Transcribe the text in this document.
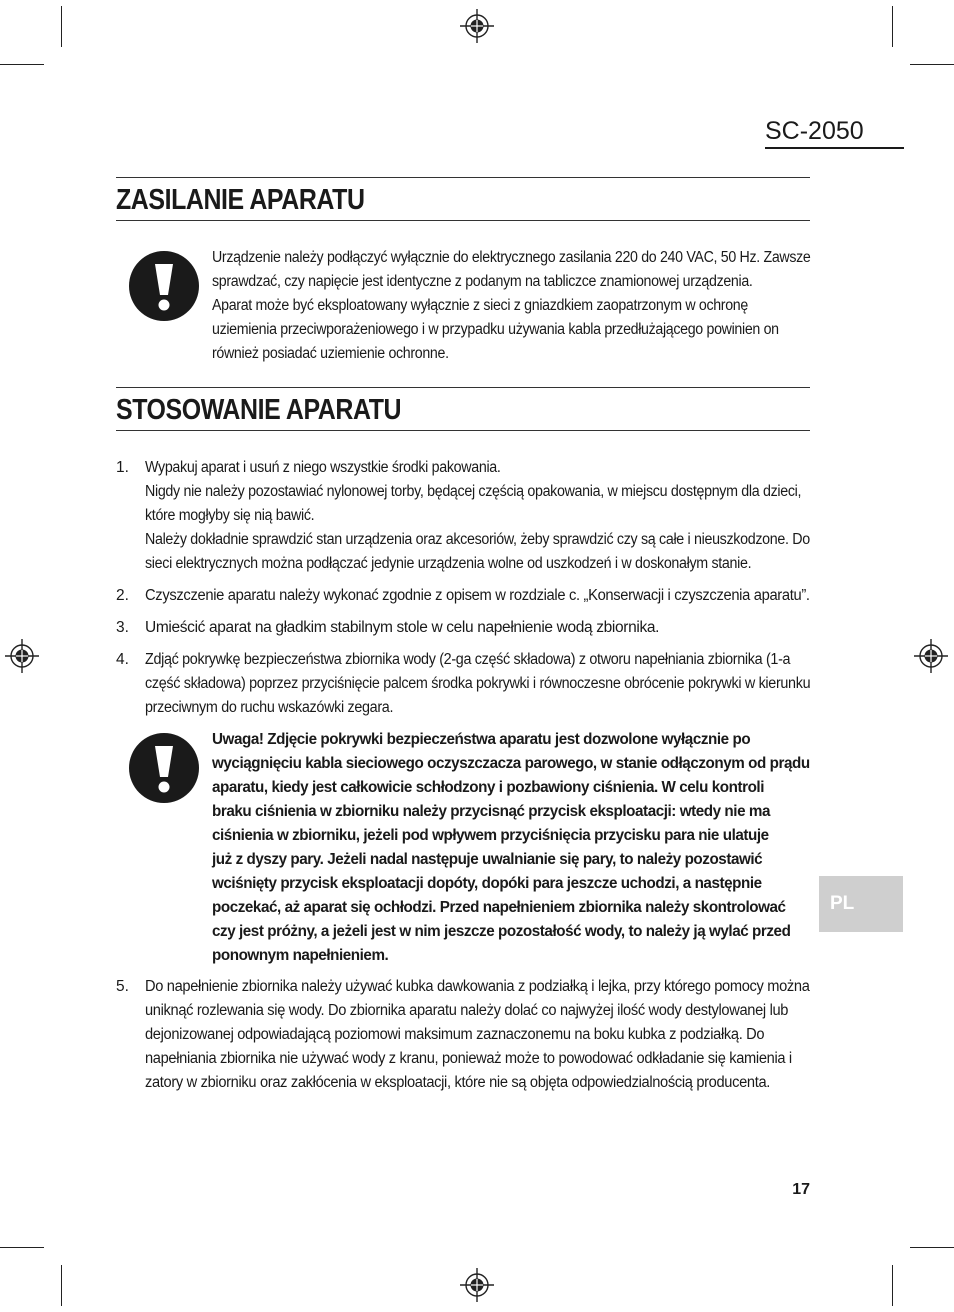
SC-2050
ZASILANIE APARATU
Urządzenie należy podłączyć wyłącznie do elektrycznego zasilania 220 do 240 VAC, 50 Hz. Zawsze
sprawdzać, czy napięcie jest identyczne z podanym na tabliczce znamionowej urządzenia.
Aparat może być eksploatowany wyłącznie z sieci z gniazdkiem zaopatrzonym w ochronę
uziemienia przeciwporażeniowego i w przypadku używania kabla przedłużającego powinien on
również posiadać uziemienie ochronne.
STOSOWANIE APARATU
1. Wypakuj aparat i usuń z niego wszystkie środki pakowania.
Nigdy nie należy pozostawiać nylonowej torby, będącej częścią opakowania, w miejscu dostępnym dla dzieci,
które mogłyby się nią bawić.
Należy dokładnie sprawdzić stan urządzenia oraz akcesoriów, żeby sprawdzić czy są całe i nieuszkodzone. Do
sieci elektrycznych można podłączać jedynie urządzenia wolne od uszkodzeń i w doskonałym stanie.
2. Czyszczenie aparatu należy wykonać zgodnie z opisem w rozdziale c. „Konserwacji i czyszczenia aparatu”.
3. Umieścić aparat na gładkim stabilnym stole w celu napełnienie wodą zbiornika.
4. Zdjąć pokrywkę bezpieczeństwa zbiornika wody (2-ga część składowa) z otworu napełniania zbiornika (1-a
część składowa) poprzez przyciśnięcie palcem środka pokrywki i równoczesne obrócenie pokrywki w kierunku
przeciwnym do ruchu wskazówki zegara.
Uwaga! Zdjęcie pokrywki bezpieczeństwa aparatu jest dozwolone wyłącznie po
wyciągnięciu kabla sieciowego oczyszczacza parowego, w stanie odłączonym od prądu
aparatu, kiedy jest całkowicie schłodzony i pozbawiony ciśnienia. W celu kontroli
braku ciśnienia w zbiorniku należy przycisnąć przycisk eksploatacji: wtedy nie ma
ciśnienia w zbiorniku, jeżeli pod wpływem przyciśnięcia przycisku para nie ulatuje
już z dyszy pary. Jeżeli nadal następuje uwalnianie się pary, to należy pozostawić
wciśnięty przycisk eksploatacji dopóty, dopóki para jeszcze uchodzi, a następnie
poczekać, aż aparat się ochłodzi. Przed napełnieniem zbiornika należy skontrolować
czy jest próżny, a jeżeli jest w nim jeszcze pozostałość wody, to należy ją wylać przed
ponownym napełnieniem.
5. Do napełnienie zbiornika należy używać kubka dawkowania z podziałką i lejka, przy którego pomocy można
uniknąć rozlewania się wody. Do zbiornika aparatu należy dolać co najwyżej ilość wody destylowanej lub
dejonizowanej odpowiadającą poziomowi maksimum zaznaczonemu na boku kubka z podziałką. Do
napełniania zbiornika nie używać wody z kranu, ponieważ może to powodować odkładanie się kamienia i
zatory w zbiorniku oraz zakłócenia w eksploatacji, które nie są objęta odpowiedzialnością producenta.
PL
17
